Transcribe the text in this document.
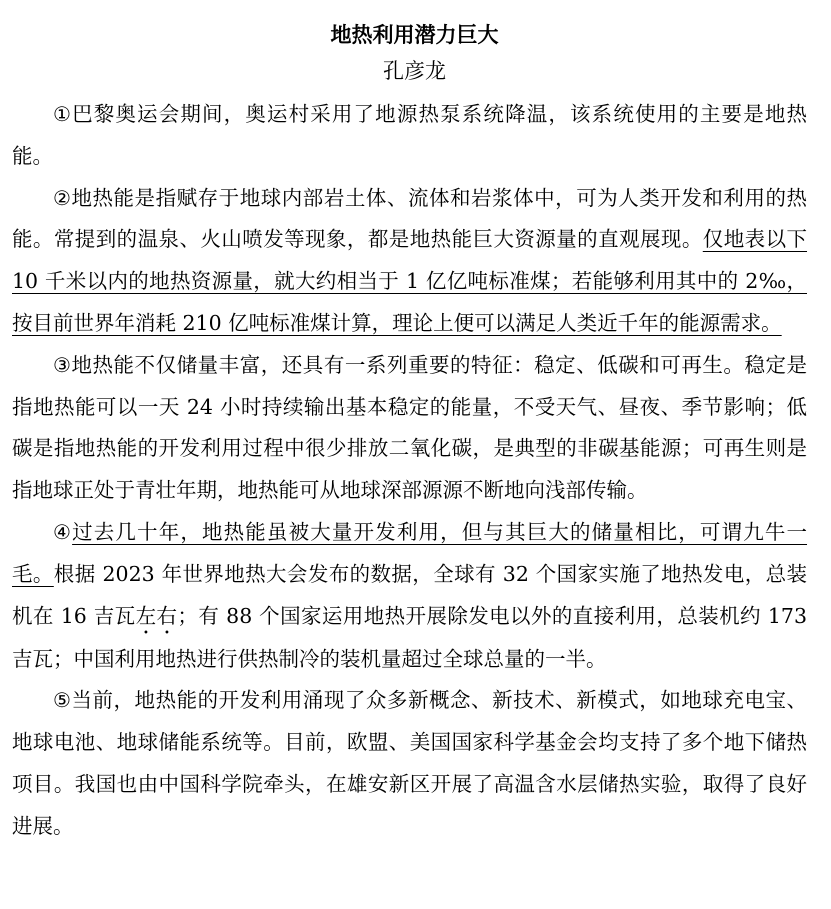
地热利用潜力巨大

孔彦龙

①巴黎奥运会期间，奥运村采用了地源热泵系统降温，该系统使用的主要是地热能。

②地热能是指赋存于地球内部岩土体、流体和岩浆体中，可为人类开发和利用的热能。常提到的温泉、火山喷发等现象，都是地热能巨大资源量的直观展现。仅地表以下 10 千米以内的地热资源量，就大约相当于 1 亿亿吨标准煤；若能够利用其中的 2‰，按目前世界年消耗 210 亿吨标准煤计算，理论上便可以满足人类近千年的能源需求。

③地热能不仅储量丰富，还具有一系列重要的特征：稳定、低碳和可再生。稳定是指地热能可以一天 24 小时持续输出基本稳定的能量，不受天气、昼夜、季节影响；低碳是指地热能的开发利用过程中很少排放二氧化碳，是典型的非碳基能源；可再生则是指地球正处于青壮年期，地热能可从地球深部源源不断地向浅部传输。

④过去几十年，地热能虽被大量开发利用，但与其巨大的储量相比，可谓九牛一毛。根据 2023 年世界地热大会发布的数据，全球有 32 个国家实施了地热发电，总装机在 16 吉瓦左右；有 88 个国家运用地热开展除发电以外的直接利用，总装机约 173 吉瓦；中国利用地热进行供热制冷的装机量超过全球总量的一半。

⑤当前，地热能的开发利用涌现了众多新概念、新技术、新模式，如地球充电宝、地球电池、地球储能系统等。目前，欧盟、美国国家科学基金会均支持了多个地下储热项目。我国也由中国科学院牵头，在雄安新区开展了高温含水层储热实验，取得了良好进展。
